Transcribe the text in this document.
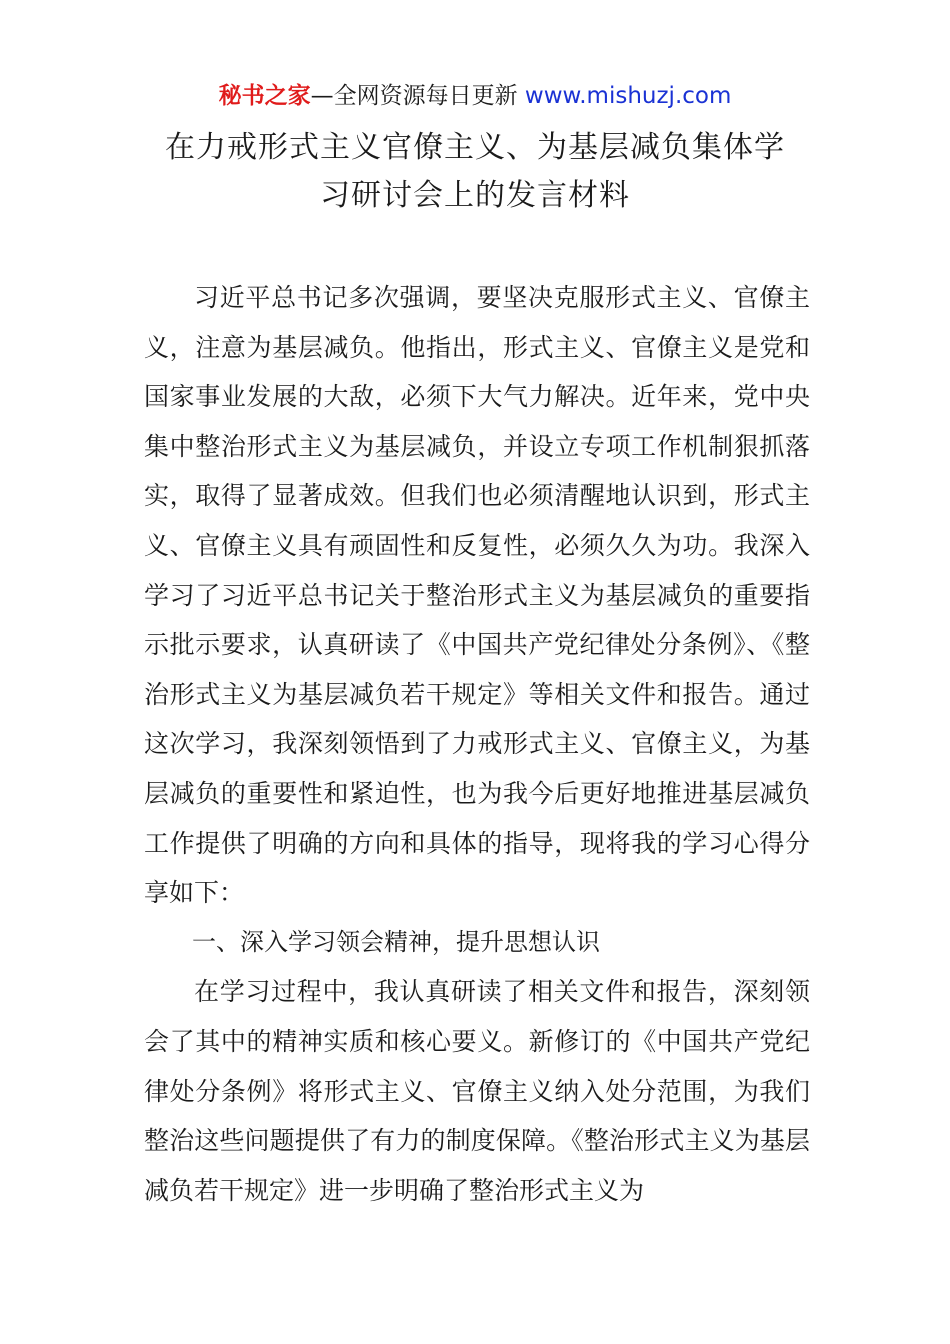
秘书之家—全网资源每日更新 www.mishuzj.com
在力戒形式主义官僚主义、为基层减负集体学
习研讨会上的发言材料

习近平总书记多次强调，要坚决克服形式主义、官僚主义，注意为基层减负。他指出，形式主义、官僚主义是党和国家事业发展的大敌，必须下大气力解决。近年来，党中央集中整治形式主义为基层减负，并设立专项工作机制狠抓落实，取得了显著成效。但我们也必须清醒地认识到，形式主义、官僚主义具有顽固性和反复性，必须久久为功。我深入学习了习近平总书记关于整治形式主义为基层减负的重要指示批示要求，认真研读了《中国共产党纪律处分条例》、《整治形式主义为基层减负若干规定》等相关文件和报告。通过这次学习，我深刻领悟到了力戒形式主义、官僚主义，为基层减负的重要性和紧迫性，也为我今后更好地推进基层减负工作提供了明确的方向和具体的指导，现将我的学习心得分享如下：

一、深入学习领会精神，提升思想认识

在学习过程中，我认真研读了相关文件和报告，深刻领会了其中的精神实质和核心要义。新修订的《中国共产党纪律处分条例》将形式主义、官僚主义纳入处分范围，为我们整治这些问题提供了有力的制度保障。《整治形式主义为基层减负若干规定》进一步明确了整治形式主义为
